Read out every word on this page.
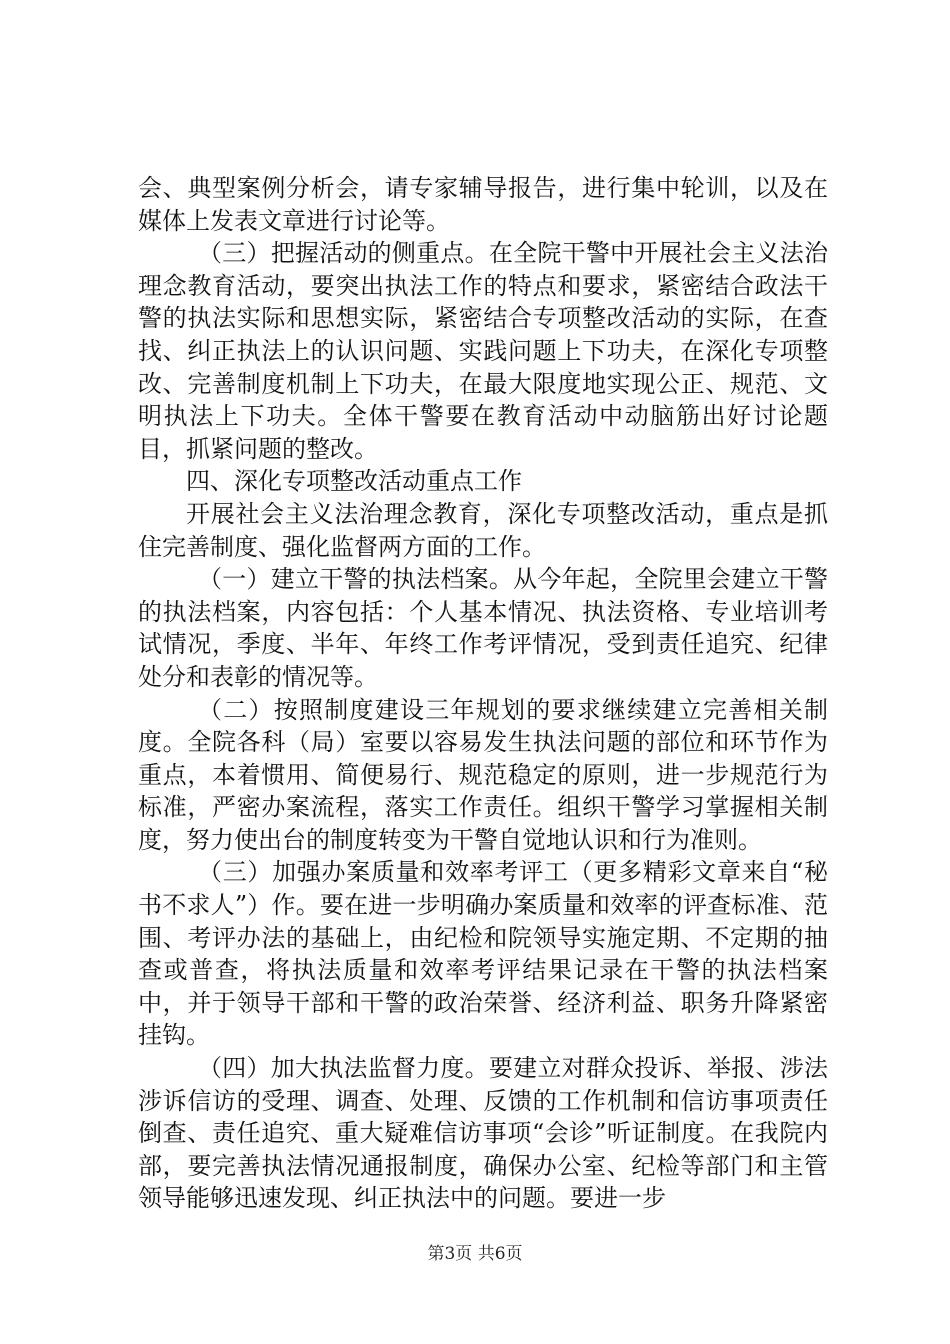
会、典型案例分析会，请专家辅导报告，进行集中轮训，以及在媒体上发表文章进行讨论等。

（三）把握活动的侧重点。在全院干警中开展社会主义法治理念教育活动，要突出执法工作的特点和要求，紧密结合政法干警的执法实际和思想实际，紧密结合专项整改活动的实际，在查找、纠正执法上的认识问题、实践问题上下功夫，在深化专项整改、完善制度机制上下功夫，在最大限度地实现公正、规范、文明执法上下功夫。全体干警要在教育活动中动脑筋出好讨论题目，抓紧问题的整改。

四、深化专项整改活动重点工作

开展社会主义法治理念教育，深化专项整改活动，重点是抓住完善制度、强化监督两方面的工作。

（一）建立干警的执法档案。从今年起，全院里会建立干警的执法档案，内容包括：个人基本情况、执法资格、专业培训考试情况，季度、半年、年终工作考评情况，受到责任追究、纪律处分和表彰的情况等。

（二）按照制度建设三年规划的要求继续建立完善相关制度。全院各科（局）室要以容易发生执法问题的部位和环节作为重点，本着惯用、简便易行、规范稳定的原则，进一步规范行为标准，严密办案流程，落实工作责任。组织干警学习掌握相关制度，努力使出台的制度转变为干警自觉地认识和行为准则。

（三）加强办案质量和效率考评工（更多精彩文章来自“秘书不求人”）作。要在进一步明确办案质量和效率的评查标准、范围、考评办法的基础上，由纪检和院领导实施定期、不定期的抽查或普查，将执法质量和效率考评结果记录在干警的执法档案中，并于领导干部和干警的政治荣誉、经济利益、职务升降紧密挂钩。

（四）加大执法监督力度。要建立对群众投诉、举报、涉法涉诉信访的受理、调查、处理、反馈的工作机制和信访事项责任倒查、责任追究、重大疑难信访事项“会诊”听证制度。在我院内部，要完善执法情况通报制度，确保办公室、纪检等部门和主管领导能够迅速发现、纠正执法中的问题。要进一步

第3页 共6页
